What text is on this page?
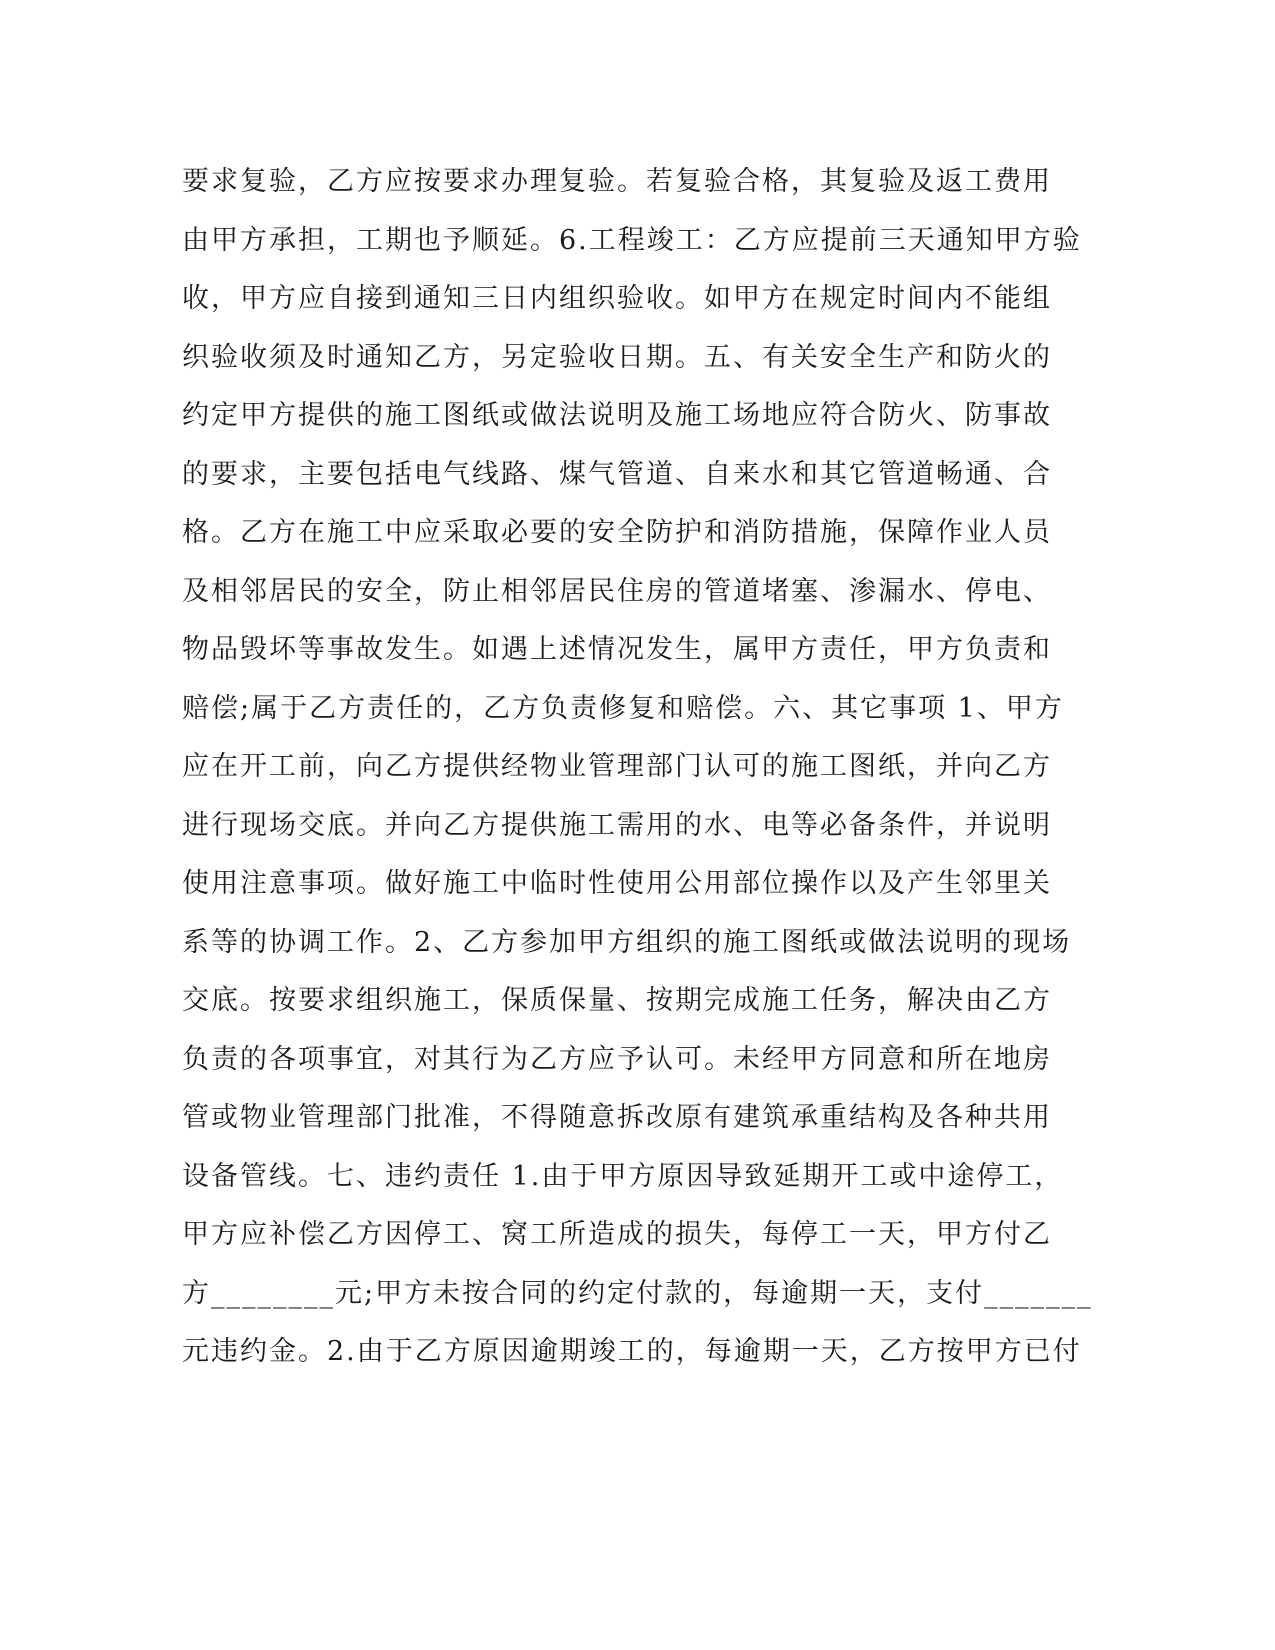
要求复验，乙方应按要求办理复验。若复验合格，其复验及返工费用
由甲方承担，工期也予顺延。6.工程竣工：乙方应提前三天通知甲方验
收，甲方应自接到通知三日内组织验收。如甲方在规定时间内不能组
织验收须及时通知乙方，另定验收日期。五、有关安全生产和防火的
约定甲方提供的施工图纸或做法说明及施工场地应符合防火、防事故
的要求，主要包括电气线路、煤气管道、自来水和其它管道畅通、合
格。乙方在施工中应采取必要的安全防护和消防措施，保障作业人员
及相邻居民的安全，防止相邻居民住房的管道堵塞、渗漏水、停电、
物品毁坏等事故发生。如遇上述情况发生，属甲方责任，甲方负责和
赔偿;属于乙方责任的，乙方负责修复和赔偿。六、其它事项 1、甲方
应在开工前，向乙方提供经物业管理部门认可的施工图纸，并向乙方
进行现场交底。并向乙方提供施工需用的水、电等必备条件，并说明
使用注意事项。做好施工中临时性使用公用部位操作以及产生邻里关
系等的协调工作。2、乙方参加甲方组织的施工图纸或做法说明的现场
交底。按要求组织施工，保质保量、按期完成施工任务，解决由乙方
负责的各项事宜，对其行为乙方应予认可。未经甲方同意和所在地房
管或物业管理部门批准，不得随意拆改原有建筑承重结构及各种共用
设备管线。七、违约责任 1.由于甲方原因导致延期开工或中途停工，
甲方应补偿乙方因停工、窝工所造成的损失，每停工一天，甲方付乙
方________元;甲方未按合同的约定付款的，每逾期一天，支付_______
元违约金。2.由于乙方原因逾期竣工的，每逾期一天，乙方按甲方已付
